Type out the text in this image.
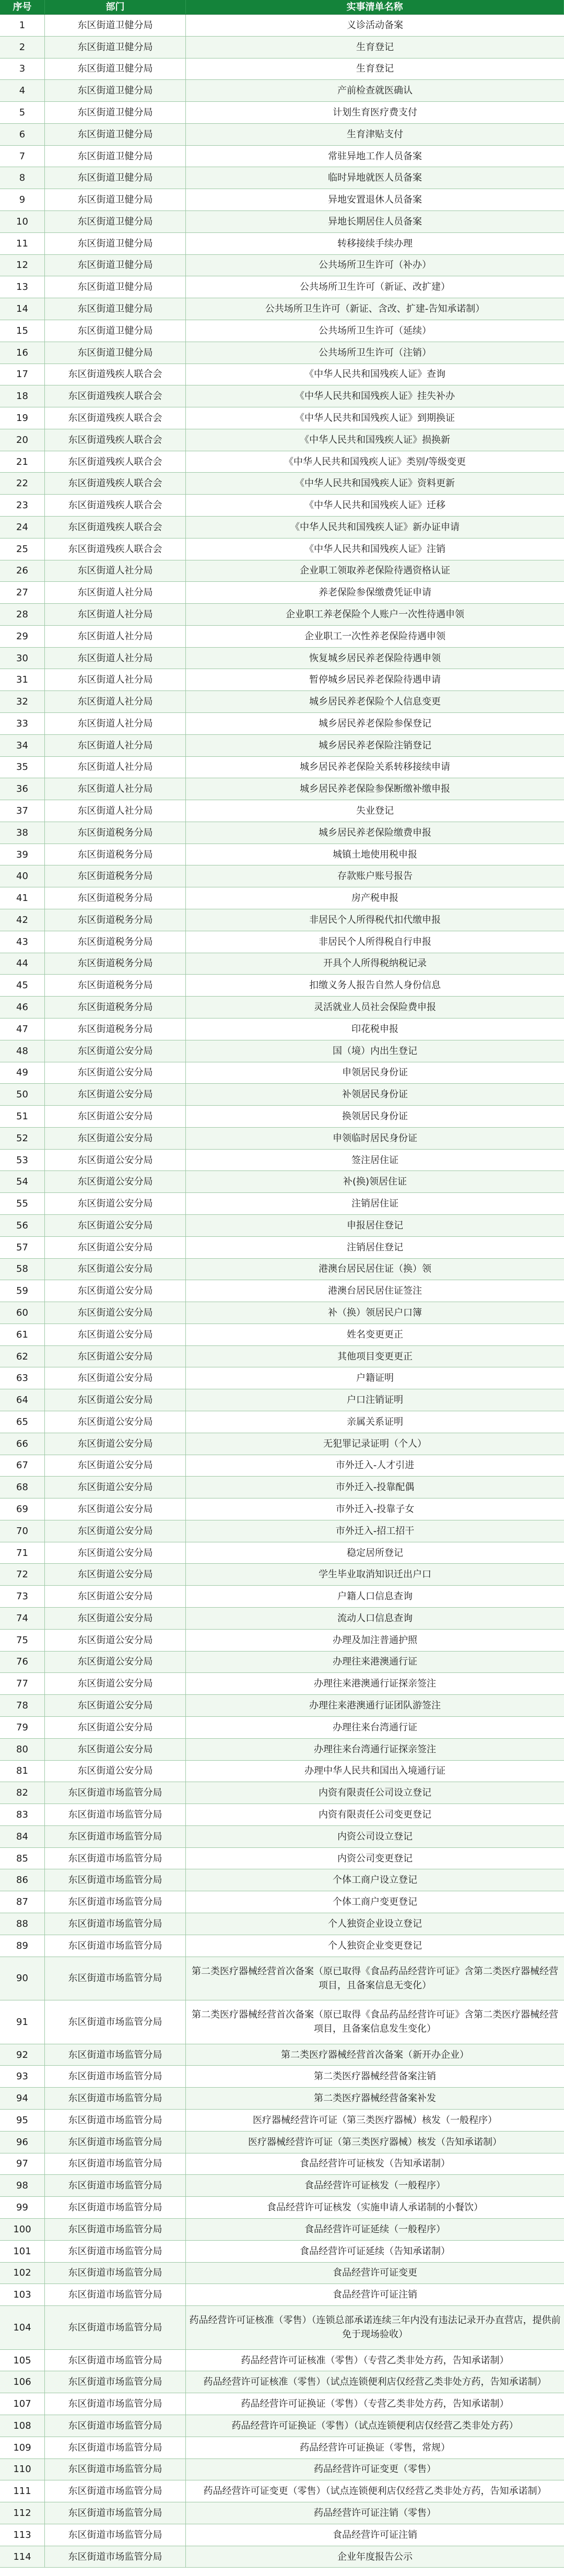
序号	部门	实事清单名称
1	东区街道卫健分局	义诊活动备案
2	东区街道卫健分局	生育登记
3	东区街道卫健分局	生育登记
4	东区街道卫健分局	产前检查就医确认
5	东区街道卫健分局	计划生育医疗费支付
6	东区街道卫健分局	生育津贴支付
7	东区街道卫健分局	常驻异地工作人员备案
8	东区街道卫健分局	临时异地就医人员备案
9	东区街道卫健分局	异地安置退休人员备案
10	东区街道卫健分局	异地长期居住人员备案
11	东区街道卫健分局	转移接续手续办理
12	东区街道卫健分局	公共场所卫生许可（补办）
13	东区街道卫健分局	公共场所卫生许可（新证、改扩建）
14	东区街道卫健分局	公共场所卫生许可（新证、含改、扩建-告知承诺制）
15	东区街道卫健分局	公共场所卫生许可（延续）
16	东区街道卫健分局	公共场所卫生许可（注销）
17	东区街道残疾人联合会	《中华人民共和国残疾人证》查询
18	东区街道残疾人联合会	《中华人民共和国残疾人证》挂失补办
19	东区街道残疾人联合会	《中华人民共和国残疾人证》到期换证
20	东区街道残疾人联合会	《中华人民共和国残疾人证》损换新
21	东区街道残疾人联合会	《中华人民共和国残疾人证》类别/等级变更
22	东区街道残疾人联合会	《中华人民共和国残疾人证》资料更新
23	东区街道残疾人联合会	《中华人民共和国残疾人证》迁移
24	东区街道残疾人联合会	《中华人民共和国残疾人证》新办证申请
25	东区街道残疾人联合会	《中华人民共和国残疾人证》注销
26	东区街道人社分局	企业职工领取养老保险待遇资格认证
27	东区街道人社分局	养老保险参保缴费凭证申请
28	东区街道人社分局	企业职工养老保险个人账户一次性待遇申领
29	东区街道人社分局	企业职工一次性养老保险待遇申领
30	东区街道人社分局	恢复城乡居民养老保险待遇申领
31	东区街道人社分局	暂停城乡居民养老保险待遇申请
32	东区街道人社分局	城乡居民养老保险个人信息变更
33	东区街道人社分局	城乡居民养老保险参保登记
34	东区街道人社分局	城乡居民养老保险注销登记
35	东区街道人社分局	城乡居民养老保险关系转移接续申请
36	东区街道人社分局	城乡居民养老保险参保断缴补缴申报
37	东区街道人社分局	失业登记
38	东区街道税务分局	城乡居民养老保险缴费申报
39	东区街道税务分局	城镇土地使用税申报
40	东区街道税务分局	存款账户账号报告
41	东区街道税务分局	房产税申报
42	东区街道税务分局	非居民个人所得税代扣代缴申报
43	东区街道税务分局	非居民个人所得税自行申报
44	东区街道税务分局	开具个人所得税纳税记录
45	东区街道税务分局	扣缴义务人报告自然人身份信息
46	东区街道税务分局	灵活就业人员社会保险费申报
47	东区街道税务分局	印花税申报
48	东区街道公安分局	国（境）内出生登记
49	东区街道公安分局	申领居民身份证
50	东区街道公安分局	补领居民身份证
51	东区街道公安分局	换领居民身份证
52	东区街道公安分局	申领临时居民身份证
53	东区街道公安分局	签注居住证
54	东区街道公安分局	补(换)领居住证
55	东区街道公安分局	注销居住证
56	东区街道公安分局	申报居住登记
57	东区街道公安分局	注销居住登记
58	东区街道公安分局	港澳台居民居住证（换）领
59	东区街道公安分局	港澳台居民居住证签注
60	东区街道公安分局	补（换）领居民户口簿
61	东区街道公安分局	姓名变更更正
62	东区街道公安分局	其他项目变更更正
63	东区街道公安分局	户籍证明
64	东区街道公安分局	户口注销证明
65	东区街道公安分局	亲属关系证明
66	东区街道公安分局	无犯罪记录证明（个人）
67	东区街道公安分局	市外迁入-人才引进
68	东区街道公安分局	市外迁入-投靠配偶
69	东区街道公安分局	市外迁入-投靠子女
70	东区街道公安分局	市外迁入-招工招干
71	东区街道公安分局	稳定居所登记
72	东区街道公安分局	学生毕业取消知识迁出户口
73	东区街道公安分局	户籍人口信息查询
74	东区街道公安分局	流动人口信息查询
75	东区街道公安分局	办理及加注普通护照
76	东区街道公安分局	办理往来港澳通行证
77	东区街道公安分局	办理往来港澳通行证探亲签注
78	东区街道公安分局	办理往来港澳通行证团队游签注
79	东区街道公安分局	办理往来台湾通行证
80	东区街道公安分局	办理往来台湾通行证探亲签注
81	东区街道公安分局	办理中华人民共和国出入境通行证
82	东区街道市场监管分局	内资有限责任公司设立登记
83	东区街道市场监管分局	内资有限责任公司变更登记
84	东区街道市场监管分局	内资公司设立登记
85	东区街道市场监管分局	内资公司变更登记
86	东区街道市场监管分局	个体工商户设立登记
87	东区街道市场监管分局	个体工商户变更登记
88	东区街道市场监管分局	个人独资企业设立登记
89	东区街道市场监管分局	个人独资企业变更登记
90	东区街道市场监管分局
第二类医疗器械经营首次备案（原已取得《食品药品经营许可证》含第二类医疗器械经营项目，且备案信息无变化）
91	东区街道市场监管分局
第二类医疗器械经营首次备案（原已取得《食品药品经营许可证》含第二类医疗器械经营项目，且备案信息发生变化）
92	东区街道市场监管分局	第二类医疗器械经营首次备案（新开办企业）
93	东区街道市场监管分局	第二类医疗器械经营备案注销
94	东区街道市场监管分局	第二类医疗器械经营备案补发
95	东区街道市场监管分局	医疗器械经营许可证（第三类医疗器械）核发（一般程序）
96	东区街道市场监管分局	医疗器械经营许可证（第三类医疗器械）核发（告知承诺制）
97	东区街道市场监管分局	食品经营许可证核发（告知承诺制）
98	东区街道市场监管分局	食品经营许可证核发（一般程序）
99	东区街道市场监管分局	食品经营许可证核发（实施申请人承诺制的小餐饮）
100	东区街道市场监管分局	食品经营许可证延续（一般程序）
101	东区街道市场监管分局	食品经营许可证延续（告知承诺制）
102	东区街道市场监管分局	食品经营许可证变更
103	东区街道市场监管分局	食品经营许可证注销
104	东区街道市场监管分局
药品经营许可证核准（零售）（连锁总部承诺连续三年内没有违法记录开办直营店，提供前免于现场验收）
105	东区街道市场监管分局	药品经营许可证核准（零售）（专营乙类非处方药，告知承诺制）
106	东区街道市场监管分局	药品经营许可证核准（零售）（试点连锁便利店仅经营乙类非处方药，告知承诺制）
107	东区街道市场监管分局	药品经营许可证换证（零售）（专营乙类非处方药，告知承诺制）
108	东区街道市场监管分局	药品经营许可证换证（零售）（试点连锁便利店仅经营乙类非处方药）
109	东区街道市场监管分局	药品经营许可证换证（零售，常规）
110	东区街道市场监管分局	药品经营许可证变更（零售）
111	东区街道市场监管分局	药品经营许可证变更（零售）（试点连锁便利店仅经营乙类非处方药，告知承诺制）
112	东区街道市场监管分局	药品经营许可证注销（零售）
113	东区街道市场监管分局	食品经营许可证注销
114	东区街道市场监管分局	企业年度报告公示
